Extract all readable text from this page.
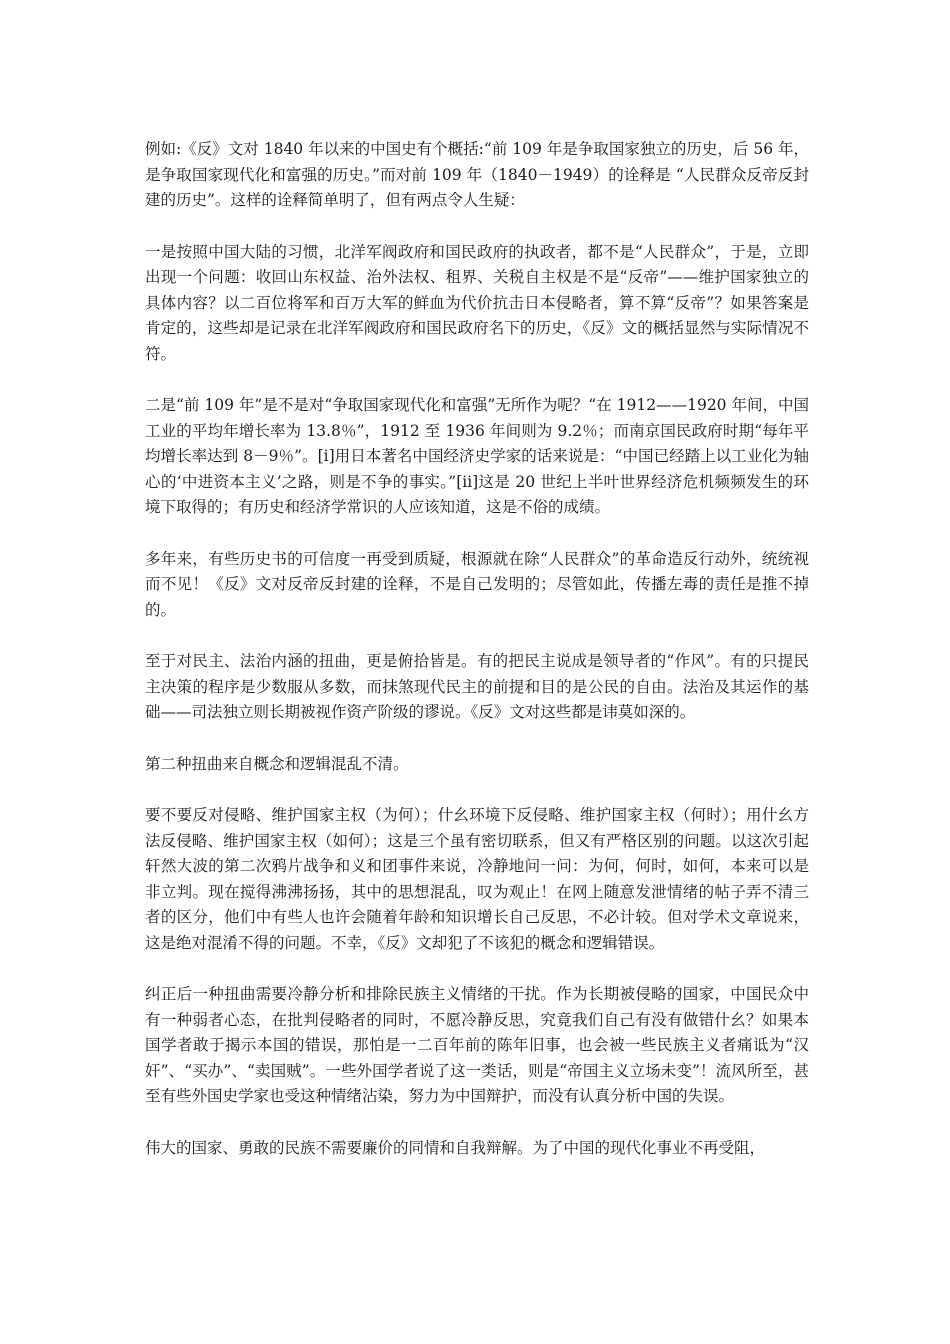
例如:《反》文对 1840 年以来的中国史有个概括:“前 109 年是争取国家独立的历史，后 56 年，是争取国家现代化和富强的历史。”而对前 109 年（1840－1949）的诠释是 “人民群众反帝反封建的历史”。这样的诠释简单明了，但有两点令人生疑：

一是按照中国大陆的习惯，北洋军阀政府和国民政府的执政者，都不是“人民群众”，于是，立即出现一个问题：收回山东权益、治外法权、租界、关税自主权是不是“反帝”——维护国家独立的具体内容？以二百位将军和百万大军的鲜血为代价抗击日本侵略者，算不算“反帝”？如果答案是肯定的，这些却是记录在北洋军阀政府和国民政府名下的历史，《反》文的概括显然与实际情况不符。

二是“前 109 年”是不是对“争取国家现代化和富强”无所作为呢？“在 1912——1920 年间，中国工业的平均年增长率为 13.8％”，1912 至 1936 年间则为 9.2％；而南京国民政府时期“每年平均增长率达到 8－9％”。[i]用日本著名中国经济史学家的话来说是：“中国已经踏上以工业化为轴心的‘中进资本主义’之路，则是不争的事实。”[ii]这是 20 世纪上半叶世界经济危机频频发生的环境下取得的；有历史和经济学常识的人应该知道，这是不俗的成绩。

多年来，有些历史书的可信度一再受到质疑，根源就在除“人民群众”的革命造反行动外，统统视而不见！《反》文对反帝反封建的诠释，不是自己发明的；尽管如此，传播左毒的责任是推不掉的。

至于对民主、法治内涵的扭曲，更是俯拾皆是。有的把民主说成是领导者的“作风”。有的只提民主决策的程序是少数服从多数，而抹煞现代民主的前提和目的是公民的自由。法治及其运作的基础——司法独立则长期被视作资产阶级的谬说。《反》文对这些都是讳莫如深的。

第二种扭曲来自概念和逻辑混乱不清。

要不要反对侵略、维护国家主权（为何）；什幺环境下反侵略、维护国家主权（何时）；用什幺方法反侵略、维护国家主权（如何）；这是三个虽有密切联系，但又有严格区别的问题。以这次引起轩然大波的第二次鸦片战争和义和团事件来说，冷静地问一问：为何，何时，如何，本来可以是非立判。现在搅得沸沸扬扬，其中的思想混乱，叹为观止！在网上随意发泄情绪的帖子弄不清三者的区分，他们中有些人也许会随着年龄和知识增长自己反思，不必计较。但对学术文章说来，这是绝对混淆不得的问题。不幸，《反》文却犯了不该犯的概念和逻辑错误。

纠正后一种扭曲需要冷静分析和排除民族主义情绪的干扰。作为长期被侵略的国家，中国民众中有一种弱者心态，在批判侵略者的同时，不愿冷静反思，究竟我们自己有没有做错什幺？如果本国学者敢于揭示本国的错误，那怕是一二百年前的陈年旧事，也会被一些民族主义者痛诋为“汉奸”、“买办”、“卖国贼”。一些外国学者说了这一类话，则是“帝国主义立场未变”！流风所至，甚至有些外国史学家也受这种情绪沾染，努力为中国辩护，而没有认真分析中国的失误。

伟大的国家、勇敢的民族不需要廉价的同情和自我辩解。为了中国的现代化事业不再受阻，
